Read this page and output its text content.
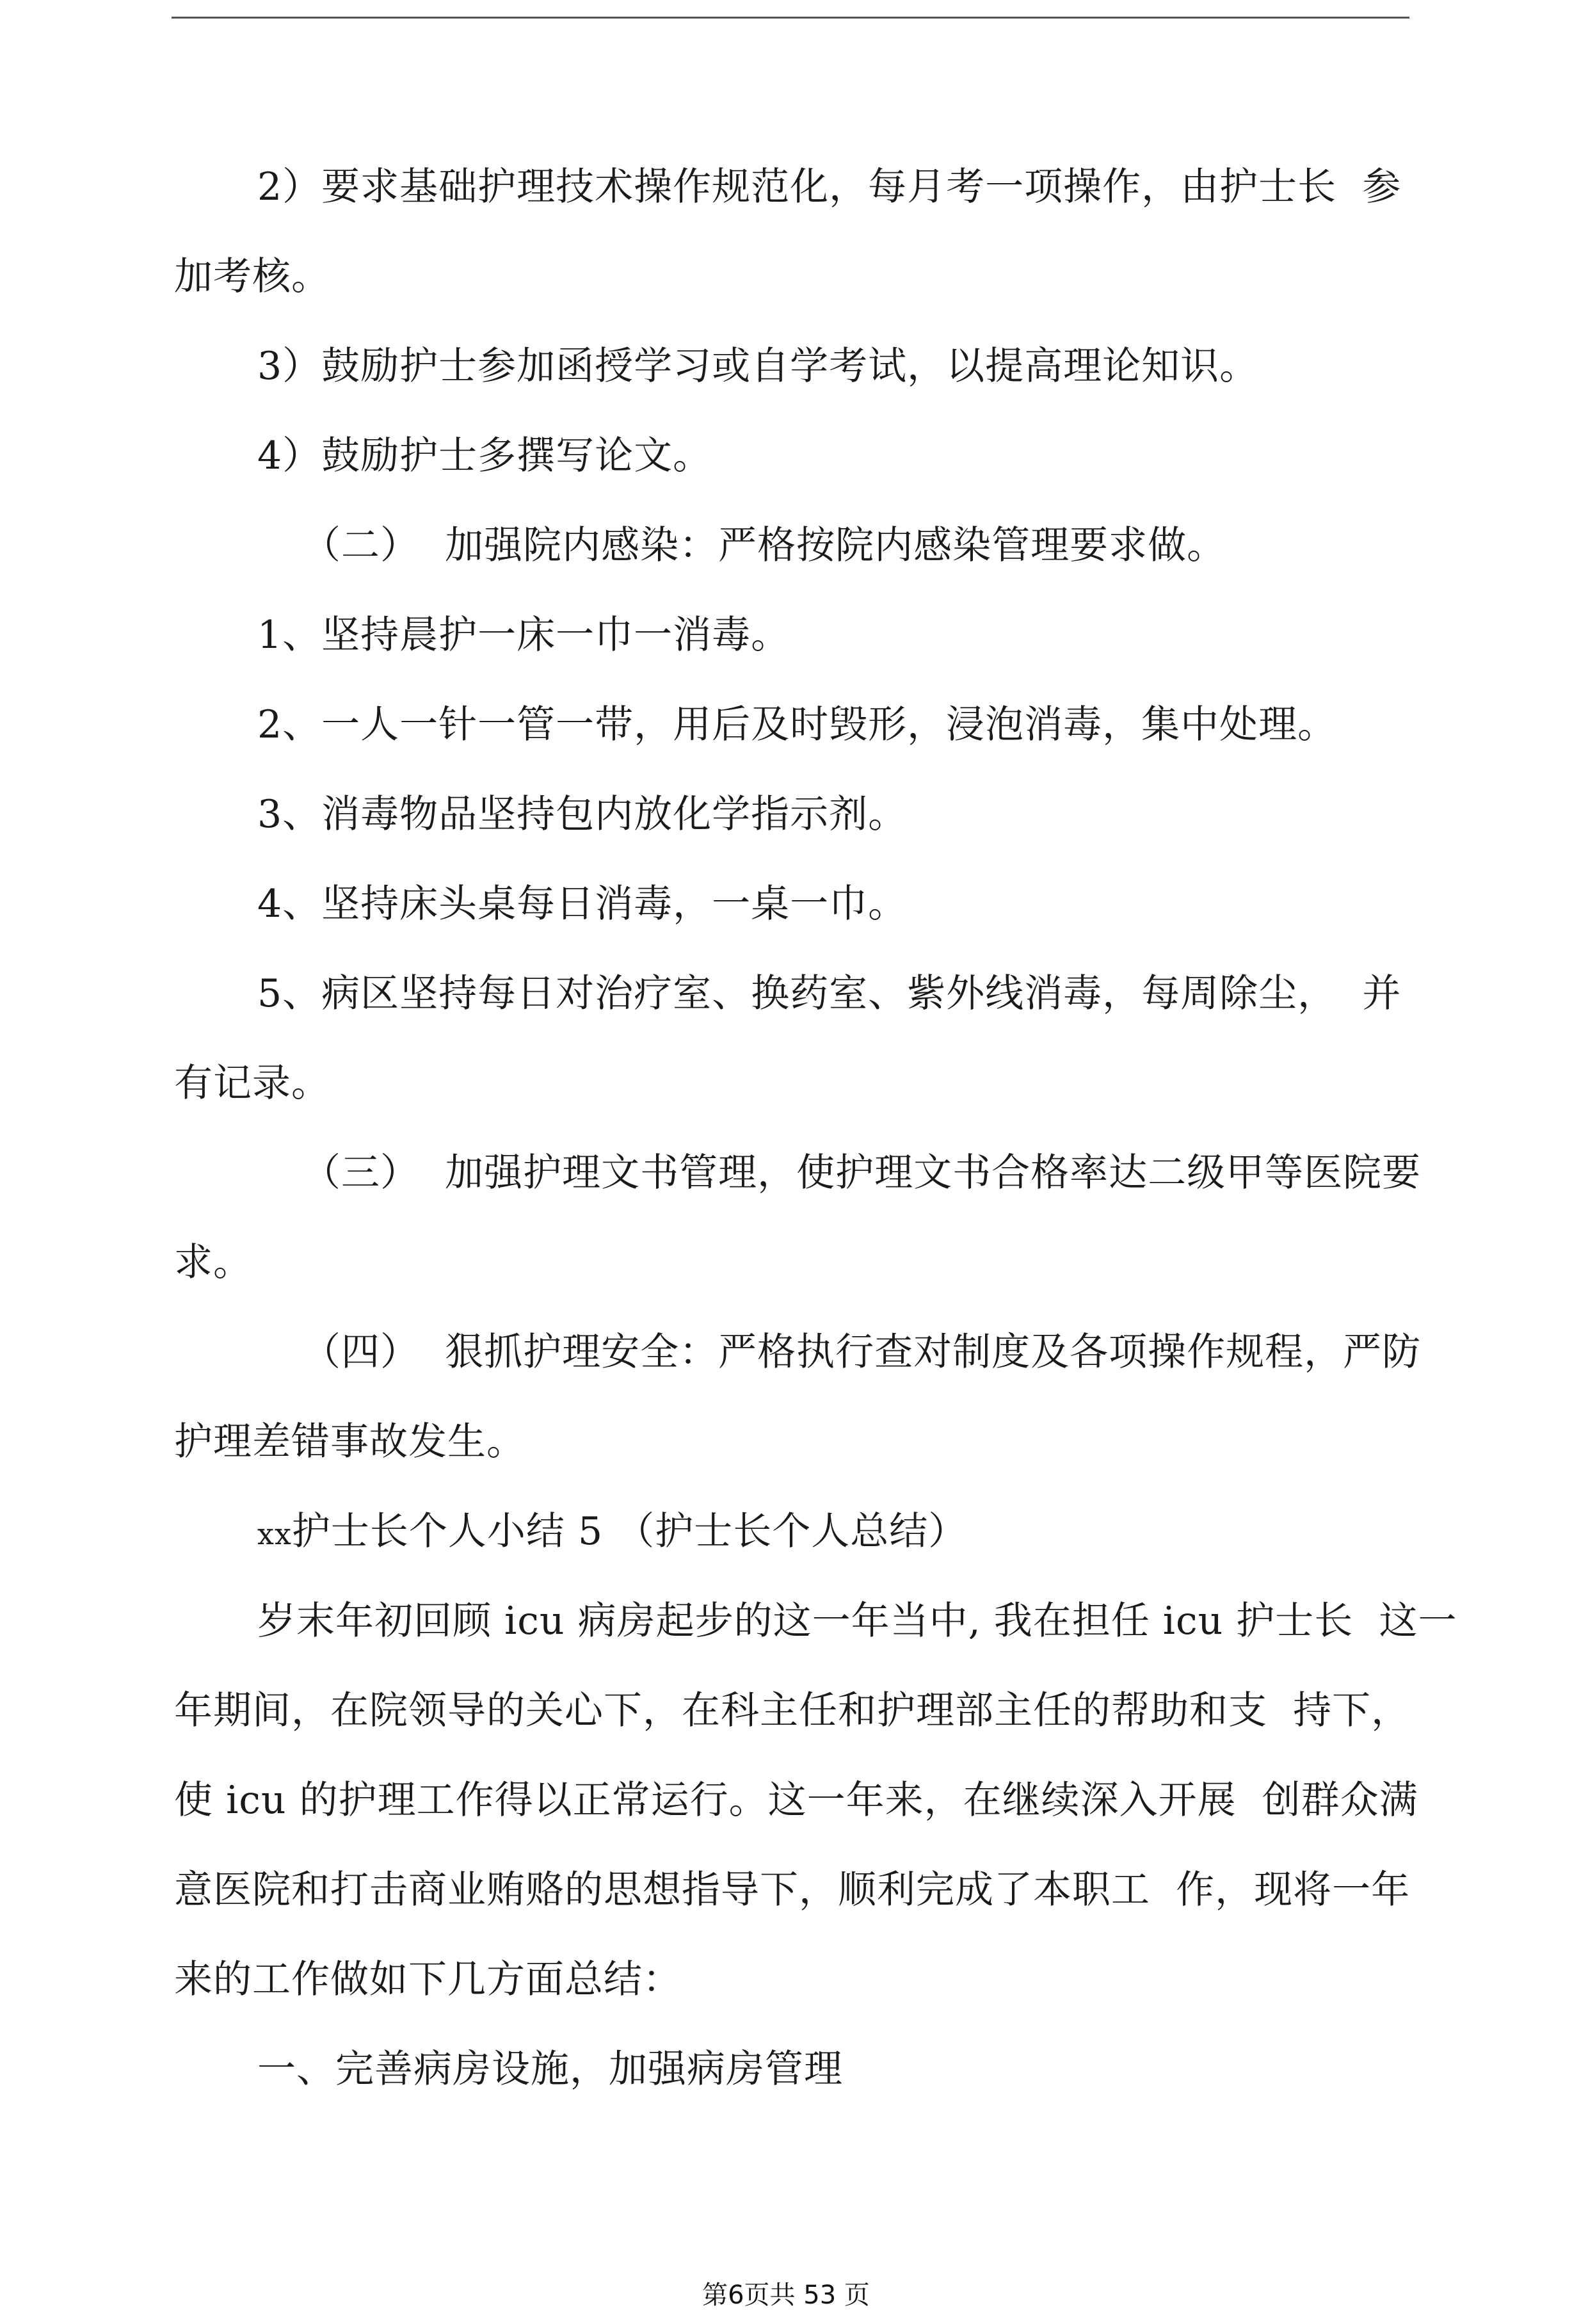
2）要求基础护理技术操作规范化，每月考一项操作，由护士长  参
加考核。
3）鼓励护士参加函授学习或自学考试，以提高理论知识。
4）鼓励护士多撰写论文。
（二）  加强院内感染：严格按院内感染管理要求做。
1、坚持晨护一床一巾一消毒。
2、一人一针一管一带，用后及时毁形，浸泡消毒，集中处理。
3、消毒物品坚持包内放化学指示剂。
4、坚持床头桌每日消毒，一桌一巾。
5、病区坚持每日对治疗室、换药室、紫外线消毒，每周除尘，  并
有记录。
（三）  加强护理文书管理，使护理文书合格率达二级甲等医院要
求。
（四）  狠抓护理安全：严格执行查对制度及各项操作规程，严防
护理差错事故发生。
xx护士长个人小结 5 （护士长个人总结）
岁末年初回顾 icu 病房起步的这一年当中, 我在担任 icu 护士长  这一
年期间，在院领导的关心下，在科主任和护理部主任的帮助和支  持下，
使 icu 的护理工作得以正常运行。这一年来，在继续深入开展  创群众满
意医院和打击商业贿赂的思想指导下，顺利完成了本职工  作，现将一年
来的工作做如下几方面总结：
一、完善病房设施，加强病房管理
第6页共 53 页
